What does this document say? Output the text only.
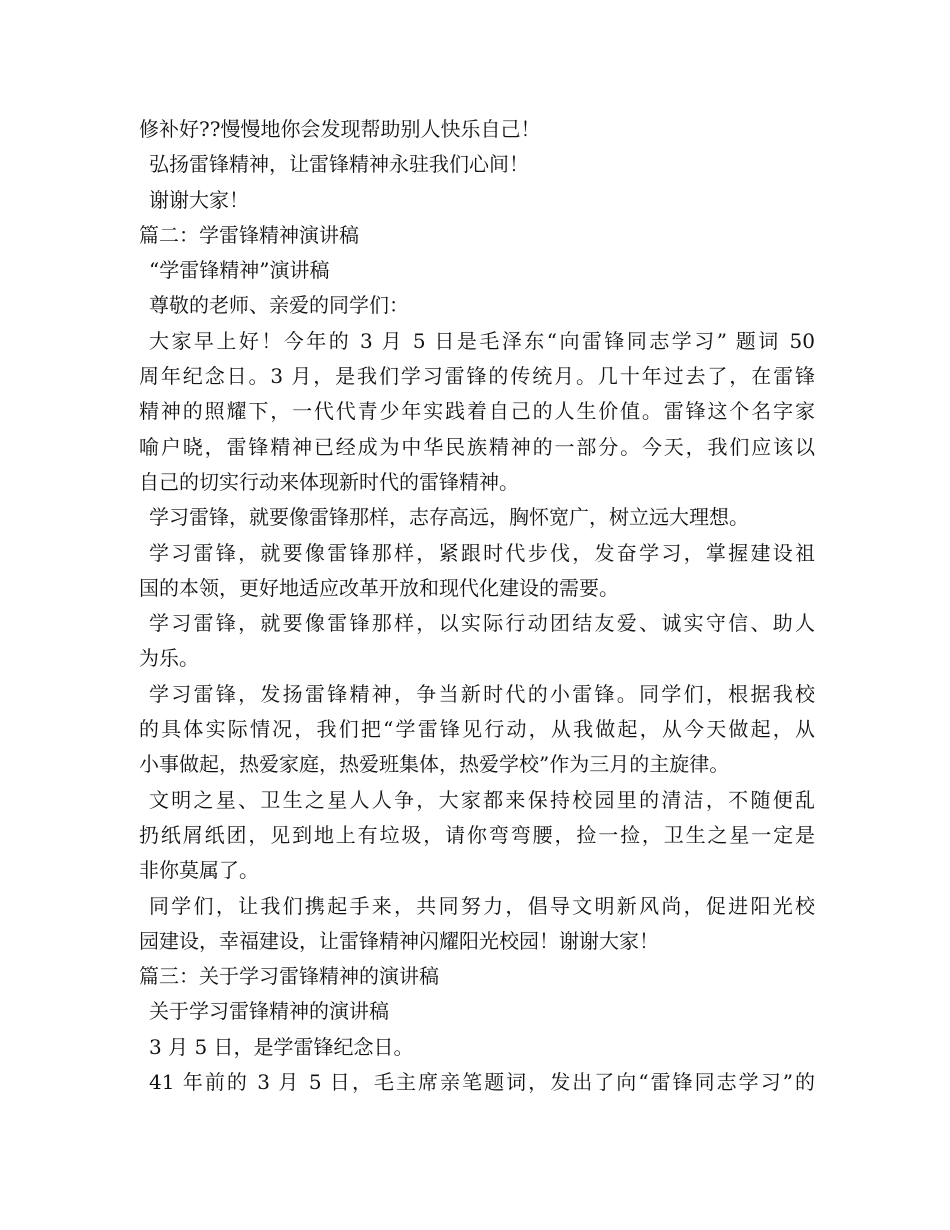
修补好??慢慢地你会发现帮助别人快乐自己！
弘扬雷锋精神，让雷锋精神永驻我们心间！
谢谢大家！
篇二：学雷锋精神演讲稿
“学雷锋精神”演讲稿
尊敬的老师、亲爱的同学们：
大家早上好！今年的 3 月 5 日是毛泽东“向雷锋同志学习” 题词 50
周年纪念日。3 月，是我们学习雷锋的传统月。几十年过去了，在雷锋
精神的照耀下，一代代青少年实践着自己的人生价值。雷锋这个名字家
喻户晓，雷锋精神已经成为中华民族精神的一部分。今天，我们应该以
自己的切实行动来体现新时代的雷锋精神。
学习雷锋，就要像雷锋那样，志存高远，胸怀宽广，树立远大理想。
学习雷锋，就要像雷锋那样，紧跟时代步伐，发奋学习，掌握建设祖
国的本领，更好地适应改革开放和现代化建设的需要。
学习雷锋，就要像雷锋那样，以实际行动团结友爱、诚实守信、助人
为乐。
学习雷锋，发扬雷锋精神，争当新时代的小雷锋。同学们，根据我校
的具体实际情况，我们把“学雷锋见行动，从我做起，从今天做起，从
小事做起，热爱家庭，热爱班集体，热爱学校”作为三月的主旋律。
文明之星、卫生之星人人争，大家都来保持校园里的清洁，不随便乱
扔纸屑纸团，见到地上有垃圾，请你弯弯腰，捡一捡，卫生之星一定是
非你莫属了。
同学们，让我们携起手来，共同努力，倡导文明新风尚，促进阳光校
园建设，幸福建设，让雷锋精神闪耀阳光校园！谢谢大家！
篇三：关于学习雷锋精神的演讲稿
关于学习雷锋精神的演讲稿
3 月 5 日，是学雷锋纪念日。
41 年前的 3 月 5 日，毛主席亲笔题词，发出了向“雷锋同志学习”的
